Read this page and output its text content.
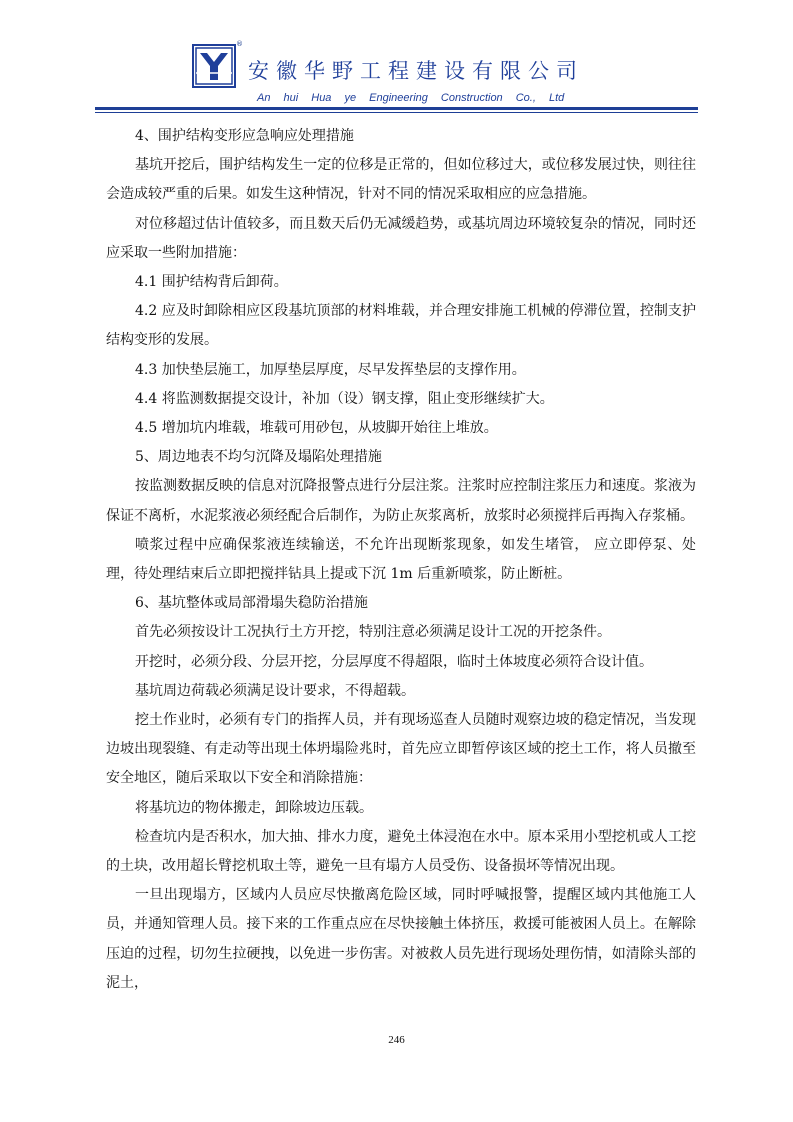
®
安徽华野工程建设有限公司
An hui Hua ye Engineering Construction Co., Ltd

4、围护结构变形应急响应处理措施

基坑开挖后，围护结构发生一定的位移是正常的，但如位移过大，或位移发展过快，则往往会造成较严重的后果。如发生这种情况，针对不同的情况采取相应的应急措施。

对位移超过估计值较多，而且数天后仍无减缓趋势，或基坑周边环境较复杂的情况，同时还应采取一些附加措施：

4.1 围护结构背后卸荷。

4.2 应及时卸除相应区段基坑顶部的材料堆载，并合理安排施工机械的停滞位置，控制支护结构变形的发展。

4.3 加快垫层施工，加厚垫层厚度，尽早发挥垫层的支撑作用。

4.4 将监测数据提交设计，补加（设）钢支撑，阻止变形继续扩大。

4.5 增加坑内堆载，堆载可用砂包，从坡脚开始往上堆放。

5、周边地表不均匀沉降及塌陷处理措施

按监测数据反映的信息对沉降报警点进行分层注浆。注浆时应控制注浆压力和速度。浆液为保证不离析，水泥浆液必须经配合后制作，为防止灰浆离析，放浆时必须搅拌后再掏入存浆桶。

喷浆过程中应确保浆液连续输送，不允许出现断浆现象，如发生堵管， 应立即停泵、处理，待处理结束后立即把搅拌钻具上提或下沉 1m 后重新喷浆，防止断桩。

6、基坑整体或局部滑塌失稳防治措施

首先必须按设计工况执行土方开挖，特别注意必须满足设计工况的开挖条件。

开挖时，必须分段、分层开挖，分层厚度不得超限，临时土体坡度必须符合设计值。

基坑周边荷载必须满足设计要求，不得超载。

挖土作业时，必须有专门的指挥人员，并有现场巡查人员随时观察边坡的稳定情况，当发现边坡出现裂缝、有走动等出现土体坍塌险兆时，首先应立即暂停该区域的挖土工作，将人员撤至安全地区，随后采取以下安全和消除措施：

将基坑边的物体搬走，卸除坡边压载。

检查坑内是否积水，加大抽、排水力度，避免土体浸泡在水中。原本采用小型挖机或人工挖的土块，改用超长臂挖机取土等，避免一旦有塌方人员受伤、设备损坏等情况出现。

一旦出现塌方，区域内人员应尽快撤离危险区域，同时呼喊报警，提醒区域内其他施工人员，并通知管理人员。接下来的工作重点应在尽快接触土体挤压，救援可能被困人员上。在解除压迫的过程，切勿生拉硬拽，以免进一步伤害。对被救人员先进行现场处理伤情，如清除头部的泥土，

246
